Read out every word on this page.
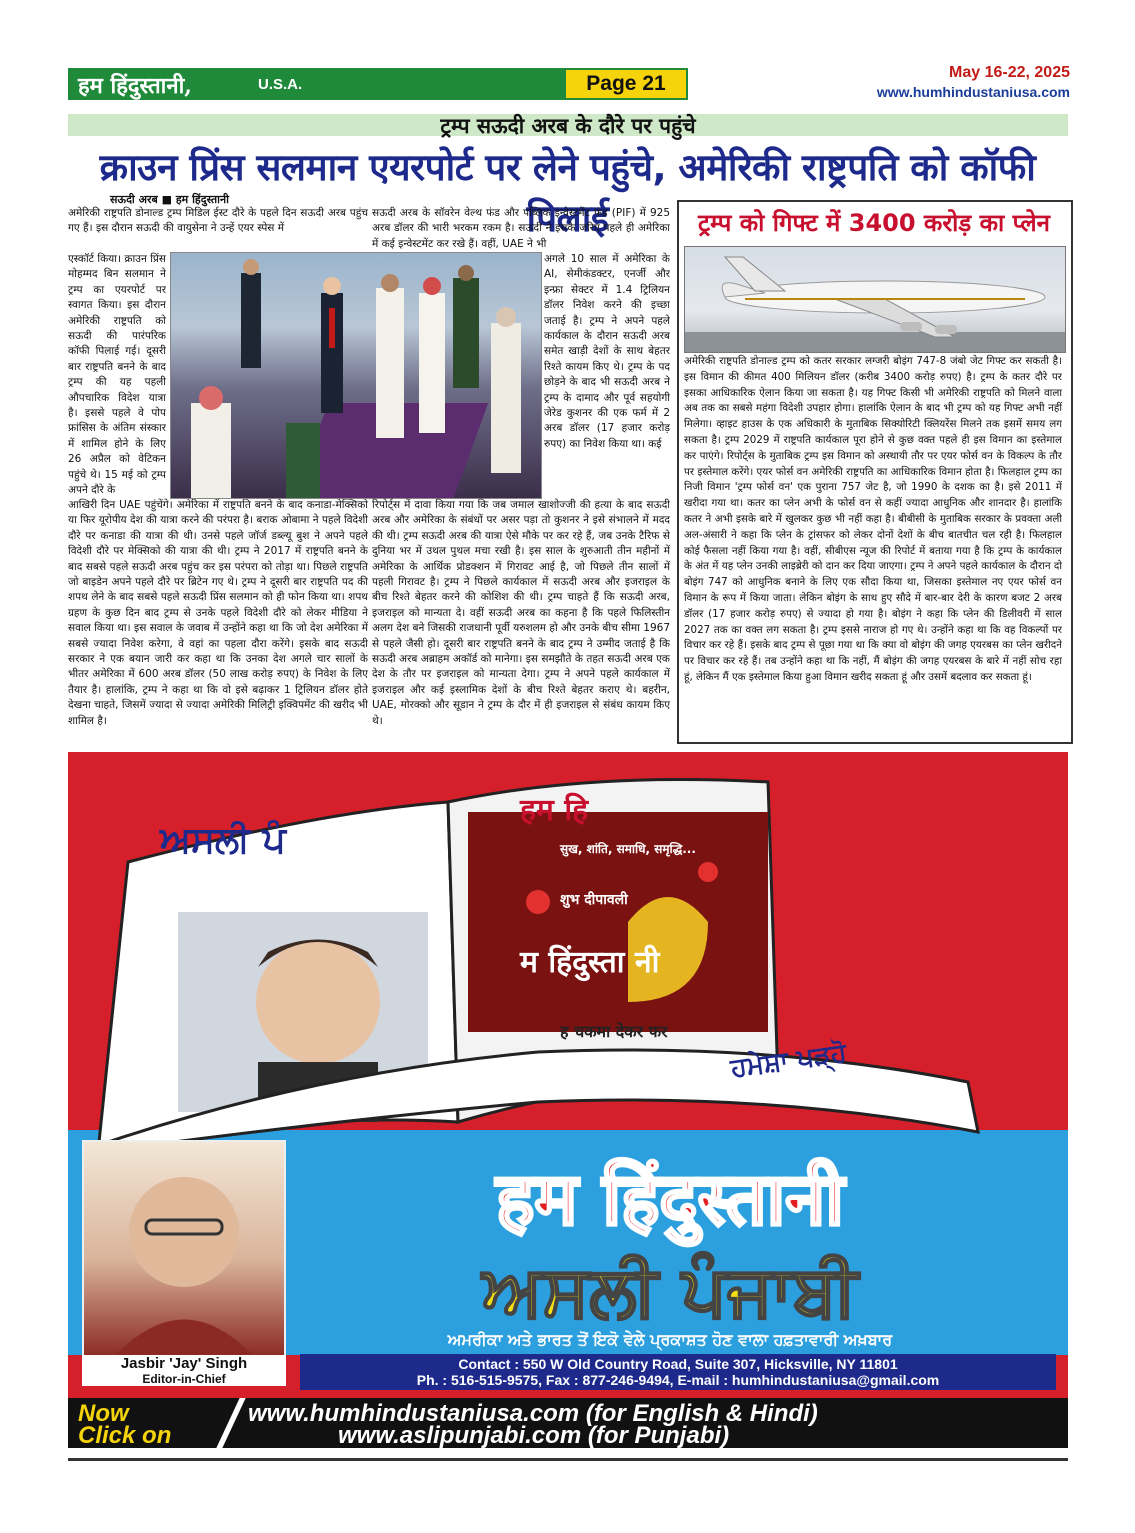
हम हिंदुस्तानी,	U.S.A.	Page 21	May 16-22, 2025
www.humhindustaniusa.com
ट्रम्प सऊदी अरब के दौरे पर पहुंचे
क्राउन प्रिंस सलमान एयरपोर्ट पर लेने पहुंचे, अमेरिकी राष्ट्रपति को कॉफी पिलाई
सऊदी अरब ■ हम हिंदुस्तानी
अमेरिकी राष्ट्रपति डोनाल्ड ट्रम्प मिडिल ईस्ट दौरे के पहले दिन सऊदी अरब पहुंच गए हैं। इस दौरान सऊदी की वायुसेना ने उन्हें एयर स्पेस में
एस्कॉर्ट किया। क्राउन प्रिंस मोहम्मद बिन सलमान ने ट्रम्प का एयरपोर्ट पर स्वागत किया। इस दौरान अमेरिकी राष्ट्रपति को सऊदी की पारंपरिक कॉफी पिलाई गई। दूसरी बार राष्ट्रपति बनने के बाद ट्रम्प की यह पहली औपचारिक विदेश यात्रा है। इससे पहले वे पोप फ्रांसिस के अंतिम संस्कार में शामिल होने के लिए 26 अप्रैल को वेटिकन पहुंचे थे। 15 मई को ट्रम्प अपने दौरे के
आखिरी दिन UAE पहुंचेंगे। अमेरिका में राष्ट्रपति बनने के बाद कनाडा-मेक्सिको या फिर यूरोपीय देश की यात्रा करने की परंपरा है। बराक ओबामा ने पहले विदेशी दौरे पर कनाडा की यात्रा की थी। उनसे पहले जॉर्ज डब्ल्यू बुश ने अपने पहले विदेशी दौरे पर मेक्सिको की यात्रा की थी। ट्रम्प ने 2017 में राष्ट्रपति बनने के बाद सबसे पहले सऊदी अरब पहुंच कर इस परंपरा को तोड़ा था। पिछले राष्ट्रपति जो बाइडेन अपने पहले दौरे पर ब्रिटेन गए थे। ट्रम्प ने दूसरी बार राष्ट्रपति पद की शपथ लेने के बाद सबसे पहले सऊदी प्रिंस सलमान को ही फोन किया था। शपथ ग्रहण के कुछ दिन बाद ट्रम्प से उनके पहले विदेशी दौरे को लेकर मीडिया ने सवाल किया था। इस सवाल के जवाब में उन्होंने कहा था कि जो देश अमेरिका में सबसे ज्यादा निवेश करेगा, वे वहां का पहला दौरा करेंगे। इसके बाद सऊदी सरकार ने एक बयान जारी कर कहा था कि उनका देश अगले चार सालों के भीतर अमेरिका में 600 अरब डॉलर (50 लाख करोड़ रुपए) के निवेश के लिए तैयार है। हालांकि, ट्रम्प ने कहा था कि वो इसे बढ़ाकर 1 ट्रिलियन डॉलर होते देखना चाहते, जिसमें ज्यादा से ज्यादा अमेरिकी मिलिट्री इक्विपमेंट की खरीद भी शामिल है।
सऊदी अरब के सॉवरेन वेल्थ फंड और पब्लिक इन्वेस्टमेंट फंड (PIF) में 925 अरब डॉलर की भारी भरकम रकम है। सऊदी ने इसके जरिए पहले ही अमेरिका में कई इन्वेस्टमेंट कर रखे हैं। वहीं, UAE ने भी
अगले 10 साल में अमेरिका के AI, सेमीकंडक्टर, एनर्जी और इन्फ्रा सेक्टर में 1.4 ट्रिलियन डॉलर निवेश करने की इच्छा जताई है। ट्रम्प ने अपने पहले कार्यकाल के दौरान सऊदी अरब समेत खाड़ी देशों के साथ बेहतर रिश्ते कायम किए थे। ट्रम्प के पद छोड़ने के बाद भी सऊदी अरब ने ट्रम्प के दामाद और पूर्व सहयोगी जेरेड कुशनर की एक फर्म में 2 अरब डॉलर (17 हजार करोड़ रुपए) का निवेश किया था। कई
रिपोर्ट्स में दावा किया गया कि जब जमाल खाशोज्जी की हत्या के बाद सऊदी अरब और अमेरिका के संबंधों पर असर पड़ा तो कुशनर ने इसे संभालने में मदद की थी। ट्रम्प सऊदी अरब की यात्रा ऐसे मौके पर कर रहे हैं, जब उनके टैरिफ से दुनिया भर में उथल पुथल मचा रखी है। इस साल के शुरुआती तीन महीनों में अमेरिका के आर्थिक प्रोडक्शन में गिरावट आई है, जो पिछले तीन सालों में पहली गिरावट है। ट्रम्प ने पिछले कार्यकाल में सऊदी अरब और इजराइल के बीच रिश्ते बेहतर करने की कोशिश की थी। ट्रम्प चाहते हैं कि सऊदी अरब, इजराइल को मान्यता दे। वहीं सऊदी अरब का कहना है कि पहले फिलिस्तीन अलग देश बने जिसकी राजधानी पूर्वी यरुशलम हो और उनके बीच सीमा 1967 से पहले जैसी हो। दूसरी बार राष्ट्रपति बनने के बाद ट्रम्प ने उम्मीद जताई है कि सऊदी अरब अब्राहम अकॉर्ड को मानेगा। इस समझौते के तहत सऊदी अरब एक देश के तौर पर इजराइल को मान्यता देगा। ट्रम्प ने अपने पहले कार्यकाल में इजराइल और कई इस्लामिक देशों के बीच रिश्ते बेहतर कराए थे। बहरीन, UAE, मोरक्को और सूडान ने ट्रम्प के दौर में ही इजराइल से संबंध कायम किए थे।
ट्रम्प को गिफ्ट में 3400 करोड़ का प्लेन
अमेरिकी राष्ट्रपति डोनाल्ड ट्रम्प को कतर सरकार लग्जरी बोइंग 747-8 जंबो जेट गिफ्ट कर सकती है। इस विमान की कीमत 400 मिलियन डॉलर (करीब 3400 करोड़ रुपए) है। ट्रम्प के कतर दौरे पर इसका आधिकारिक ऐलान किया जा सकता है। यह गिफ्ट किसी भी अमेरिकी राष्ट्रपति को मिलने वाला अब तक का सबसे महंगा विदेशी उपहार होगा। हालांकि ऐलान के बाद भी ट्रम्प को यह गिफ्ट अभी नहीं मिलेगा। व्हाइट हाउस के एक अधिकारी के मुताबिक सिक्योरिटी क्लियरेंस मिलने तक इसमें समय लग सकता है। ट्रम्प 2029 में राष्ट्रपति कार्यकाल पूरा होने से कुछ वक्त पहले ही इस विमान का इस्तेमाल कर पाएंगे। रिपोर्ट्स के मुताबिक ट्रम्प इस विमान को अस्थायी तौर पर एयर फोर्स वन के विकल्प के तौर पर इस्तेमाल करेंगे। एयर फोर्स वन अमेरिकी राष्ट्रपति का आधिकारिक विमान होता है। फिलहाल ट्रम्प का निजी विमान 'ट्रम्प फोर्स वन' एक पुराना 757 जेट है, जो 1990 के दशक का है। इसे 2011 में खरीदा गया था। कतर का प्लेन अभी के फोर्स वन से कहीं ज्यादा आधुनिक और शानदार है। हालांकि कतर ने अभी इसके बारे में खुलकर कुछ भी नहीं कहा है। बीबीसी के मुताबिक सरकार के प्रवक्ता अली अल-अंसारी ने कहा कि प्लेन के ट्रांसफर को लेकर दोनों देशों के बीच बातचीत चल रही है। फिलहाल कोई फैसला नहीं किया गया है। वहीं, सीबीएस न्यूज की रिपोर्ट में बताया गया है कि ट्रम्प के कार्यकाल के अंत में यह प्लेन उनकी लाइब्रेरी को दान कर दिया जाएगा। ट्रम्प ने अपने पहले कार्यकाल के दौरान दो बोइंग 747 को आधुनिक बनाने के लिए एक सौदा किया था, जिसका इस्तेमाल नए एयर फोर्स वन विमान के रूप में किया जाता। लेकिन बोइंग के साथ हुए सौदे में बार-बार देरी के कारण बजट 2 अरब डॉलर (17 हजार करोड़ रुपए) से ज्यादा हो गया है। बोइंग ने कहा कि प्लेन की डिलीवरी में साल 2027 तक का वक्त लग सकता है। ट्रम्प इससे नाराज हो गए थे। उन्होंने कहा था कि वह विकल्पों पर विचार कर रहे हैं। इसके बाद ट्रम्प से पूछा गया था कि क्या वो बोइंग की जगह एयरबस का प्लेन खरीदने पर विचार कर रहे हैं। तब उन्होंने कहा था कि नहीं, मैं बोइंग की जगह एयरबस के बारे में नहीं सोच रहा हूं, लेकिन मैं एक इस्तेमाल किया हुआ विमान खरीद सकता हूं और उसमें बदलाव कर सकता हूं।
ਅਸਲੀ ਪੰ
हम हि
सुख, शांति, समाधि, समृद्धि...
शुभ दीपावली
म हिंदुस्ता नी
ह चकमा देकर फर
ਹਮੇਸ਼ਾ ਪੜ੍ਹੋ
हम हिंदुस्तानी
ਅਸਲੀ ਪੰਜਾਬੀ
ਅਮਰੀਕਾ ਅਤੇ ਭਾਰਤ ਤੋਂ ਇਕੋ ਵੇਲੇ ਪ੍ਰਕਾਸ਼ਤ ਹੋਣ ਵਾਲਾ ਹਫ਼ਤਾਵਾਰੀ ਅਖ਼ਬਾਰ
Jasbir 'Jay' Singh
Editor-in-Chief
Contact : 550 W Old Country Road, Suite 307, Hicksville, NY 11801
Ph. : 516-515-9575, Fax : 877-246-9494, E-mail : humhindustaniusa@gmail.com
Now
Click on
www.humhindustaniusa.com (for English & Hindi)
www.aslipunjabi.com (for Punjabi)
